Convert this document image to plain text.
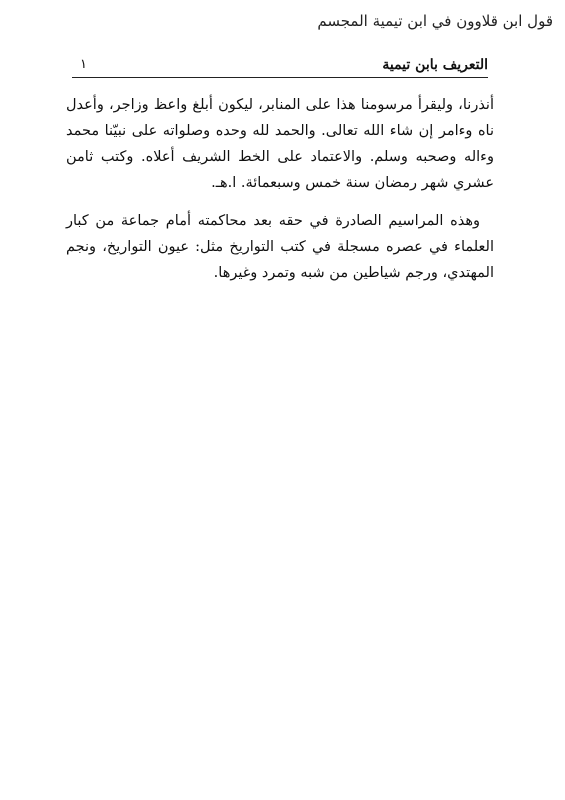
قول ابن قلاوون في ابن تيمية المجسم
التعريف بابن تيمية
١

أنذرنا، وليقرأ مرسومنا هذا على المنابر، ليكون أبلغ واعظ وزاجر، وأعدل ناه وءامر إن شاء الله تعالى. والحمد لله وحده وصلواته على نبيّنا محمد وءاله وصحبه وسلم. والاعتماد على الخط الشريف أعلاه. وكتب ثامن عشري شهر رمضان سنة خمس وسبعمائة. ا.هـ.

وهذه المراسيم الصادرة في حقه بعد محاكمته أمام جماعة من كبار العلماء في عصره مسجلة في كتب التواريخ مثل: عيون التواريخ، ونجم المهتدي، ورجم شياطين من شبه وتمرد وغيرها.
